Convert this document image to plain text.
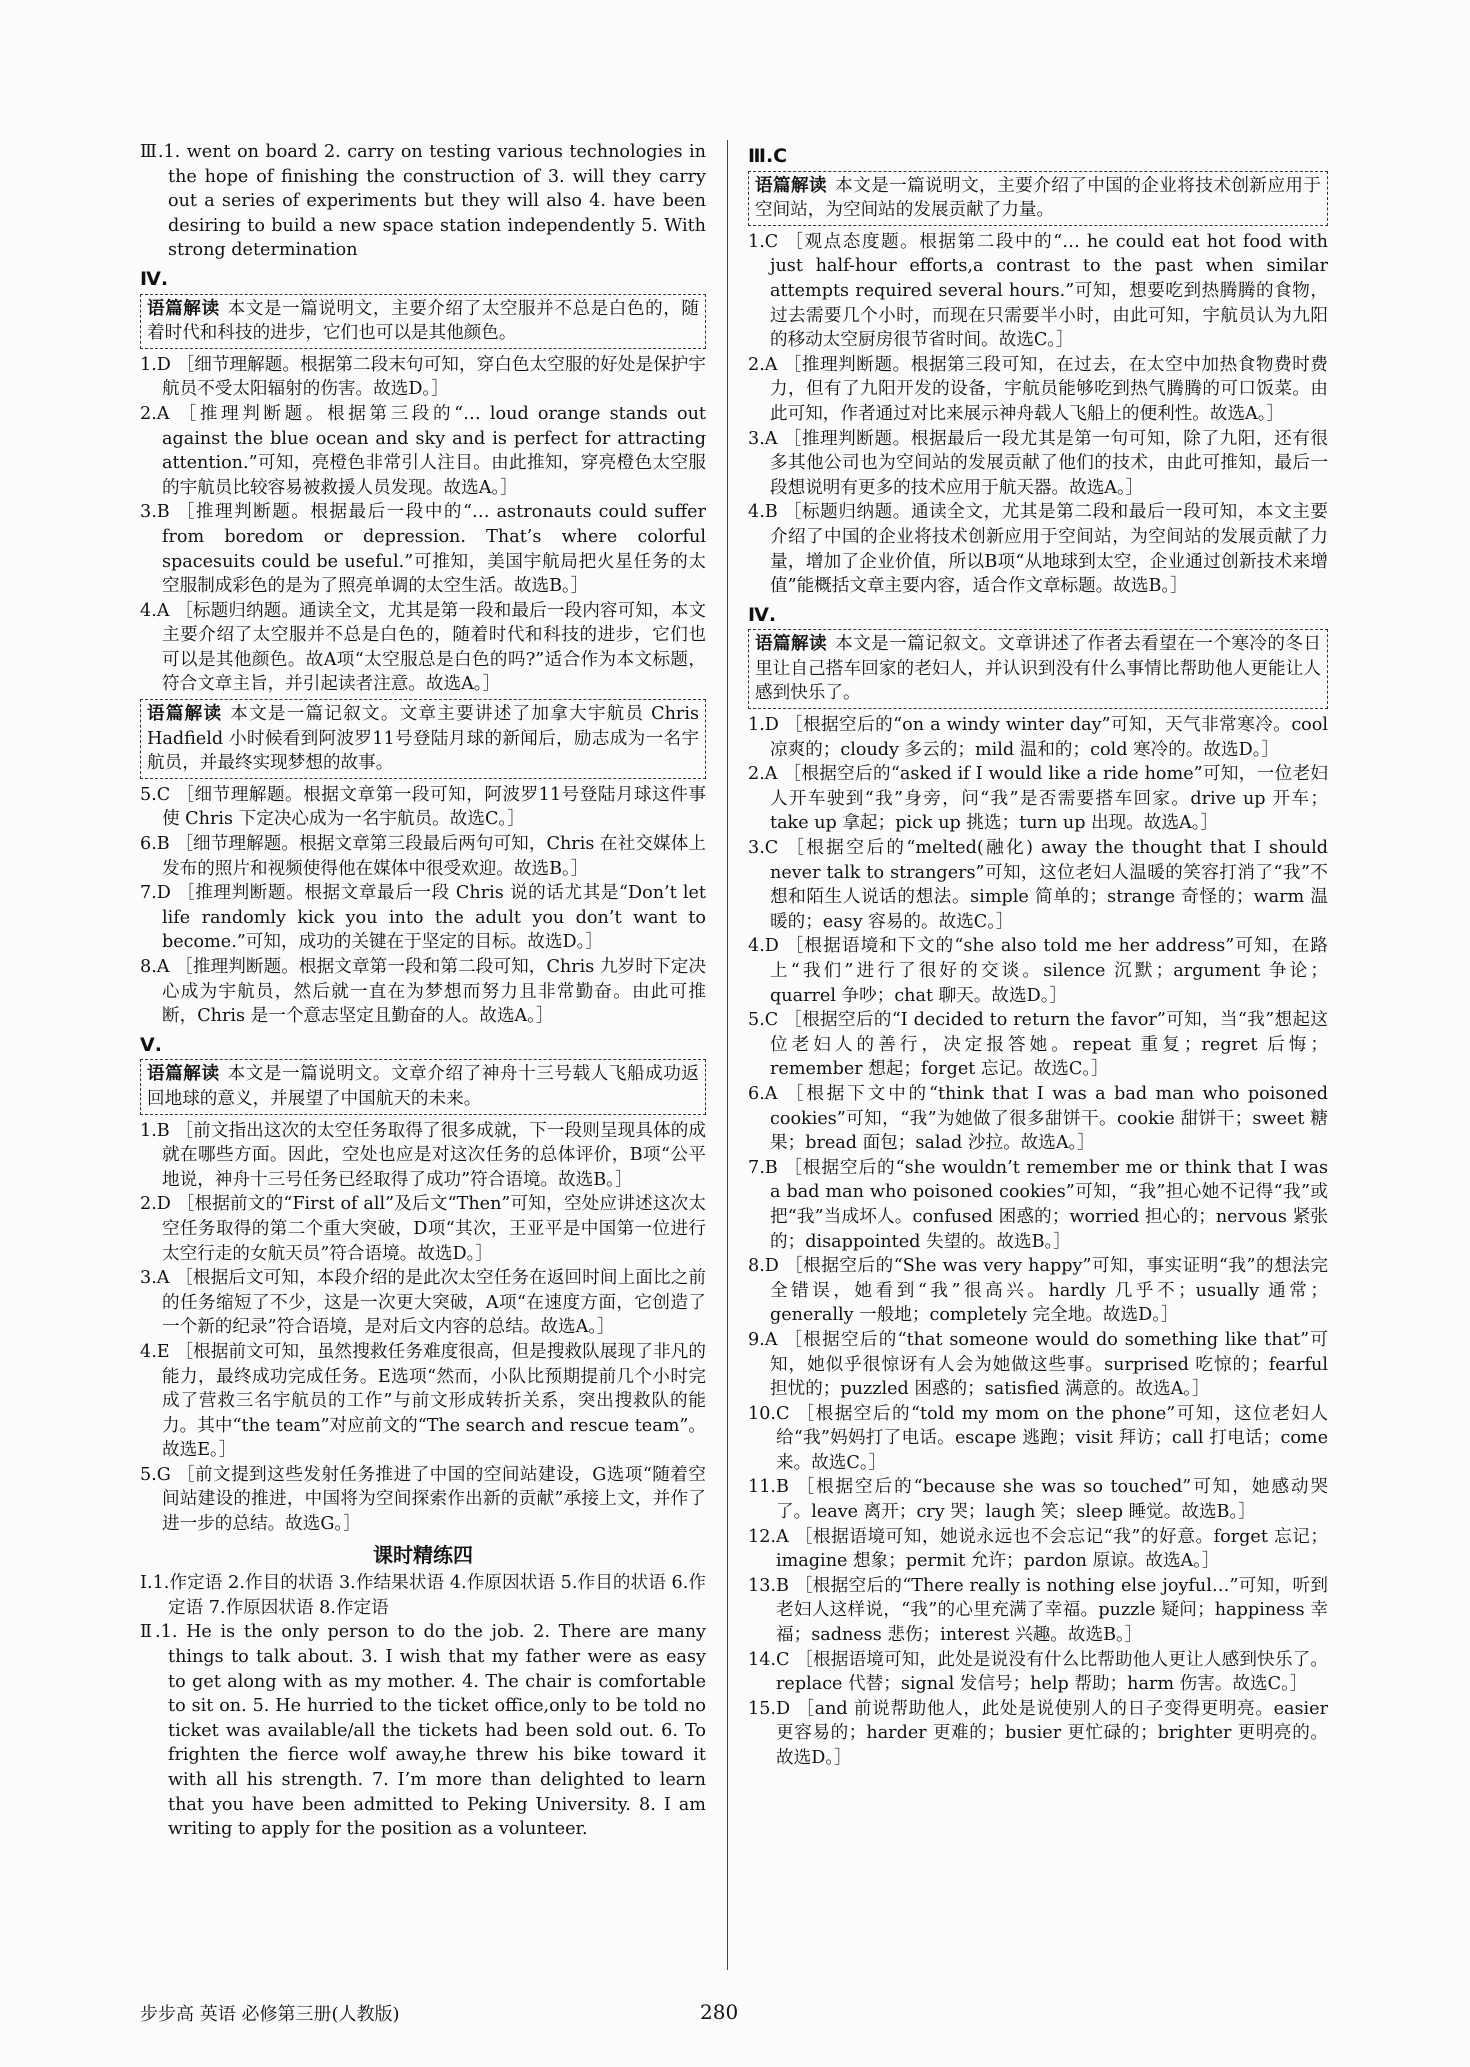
Ⅲ.1. went on board 2. carry on testing various technologies in the hope of finishing the construction of 3. will they carry out a series of experiments but they will also 4. have been desiring to build a new space station independently 5. With strong determination
Ⅳ.
语篇解读 本文是一篇说明文，主要介绍了太空服并不总是白色的，随着时代和科技的进步，它们也可以是其他颜色。
1.D ［细节理解题。根据第二段末句可知，穿白色太空服的好处是保护宇航员不受太阳辐射的伤害。故选D。］
2.A ［推理判断题。根据第三段的“… loud orange stands out against the blue ocean and sky and is perfect for attracting attention.”可知，亮橙色非常引人注目。由此推知，穿亮橙色太空服的宇航员比较容易被救援人员发现。故选A。］
3.B ［推理判断题。根据最后一段中的“… astronauts could suffer from boredom or depression. That’s where colorful spacesuits could be useful.”可推知，美国宇航局把火星任务的太空服制成彩色的是为了照亮单调的太空生活。故选B。］
4.A ［标题归纳题。通读全文，尤其是第一段和最后一段内容可知，本文主要介绍了太空服并不总是白色的，随着时代和科技的进步，它们也可以是其他颜色。故A项“太空服总是白色的吗?”适合作为本文标题，符合文章主旨，并引起读者注意。故选A。］
语篇解读 本文是一篇记叙文。文章主要讲述了加拿大宇航员 Chris Hadfield 小时候看到阿波罗11号登陆月球的新闻后，励志成为一名宇航员，并最终实现梦想的故事。
5.C ［细节理解题。根据文章第一段可知，阿波罗11号登陆月球这件事使 Chris 下定决心成为一名宇航员。故选C。］
6.B ［细节理解题。根据文章第三段最后两句可知，Chris 在社交媒体上发布的照片和视频使得他在媒体中很受欢迎。故选B。］
7.D ［推理判断题。根据文章最后一段 Chris 说的话尤其是“Don’t let life randomly kick you into the adult you don’t want to become.”可知，成功的关键在于坚定的目标。故选D。］
8.A ［推理判断题。根据文章第一段和第二段可知，Chris 九岁时下定决心成为宇航员，然后就一直在为梦想而努力且非常勤奋。由此可推断，Chris 是一个意志坚定且勤奋的人。故选A。］
Ⅴ.
语篇解读 本文是一篇说明文。文章介绍了神舟十三号载人飞船成功返回地球的意义，并展望了中国航天的未来。
1.B ［前文指出这次的太空任务取得了很多成就，下一段则呈现具体的成就在哪些方面。因此，空处也应是对这次任务的总体评价，B项“公平地说，神舟十三号任务已经取得了成功”符合语境。故选B。］
2.D ［根据前文的“First of all”及后文“Then”可知，空处应讲述这次太空任务取得的第二个重大突破，D项“其次，王亚平是中国第一位进行太空行走的女航天员”符合语境。故选D。］
3.A ［根据后文可知，本段介绍的是此次太空任务在返回时间上面比之前的任务缩短了不少，这是一次更大突破，A项“在速度方面，它创造了一个新的纪录”符合语境，是对后文内容的总结。故选A。］
4.E ［根据前文可知，虽然搜救任务难度很高，但是搜救队展现了非凡的能力，最终成功完成任务。E选项“然而，小队比预期提前几个小时完成了营救三名宇航员的工作”与前文形成转折关系，突出搜救队的能力。其中“the team”对应前文的“The search and rescue team”。故选E。］
5.G ［前文提到这些发射任务推进了中国的空间站建设，G选项“随着空间站建设的推进，中国将为空间探索作出新的贡献”承接上文，并作了进一步的总结。故选G。］
课时精练四
Ⅰ.1.作定语 2.作目的状语 3.作结果状语 4.作原因状语 5.作目的状语 6.作定语 7.作原因状语 8.作定语
Ⅱ.1. He is the only person to do the job. 2. There are many things to talk about. 3. I wish that my father were as easy to get along with as my mother. 4. The chair is comfortable to sit on. 5. He hurried to the ticket office,only to be told no ticket was available/all the tickets had been sold out. 6. To frighten the fierce wolf away,he threw his bike toward it with all his strength. 7. I’m more than delighted to learn that you have been admitted to Peking University. 8. I am writing to apply for the position as a volunteer.
Ⅲ.C
语篇解读 本文是一篇说明文，主要介绍了中国的企业将技术创新应用于空间站，为空间站的发展贡献了力量。
1.C ［观点态度题。根据第二段中的“… he could eat hot food with just half-hour efforts,a contrast to the past when similar attempts required several hours.”可知，想要吃到热腾腾的食物，过去需要几个小时，而现在只需要半小时，由此可知，宇航员认为九阳的移动太空厨房很节省时间。故选C。］
2.A ［推理判断题。根据第三段可知，在过去，在太空中加热食物费时费力，但有了九阳开发的设备，宇航员能够吃到热气腾腾的可口饭菜。由此可知，作者通过对比来展示神舟载人飞船上的便利性。故选A。］
3.A ［推理判断题。根据最后一段尤其是第一句可知，除了九阳，还有很多其他公司也为空间站的发展贡献了他们的技术，由此可推知，最后一段想说明有更多的技术应用于航天器。故选A。］
4.B ［标题归纳题。通读全文，尤其是第二段和最后一段可知，本文主要介绍了中国的企业将技术创新应用于空间站，为空间站的发展贡献了力量，增加了企业价值，所以B项“从地球到太空，企业通过创新技术来增值”能概括文章主要内容，适合作文章标题。故选B。］
Ⅳ.
语篇解读 本文是一篇记叙文。文章讲述了作者去看望在一个寒冷的冬日里让自己搭车回家的老妇人，并认识到没有什么事情比帮助他人更能让人感到快乐了。
1.D ［根据空后的“on a windy winter day”可知，天气非常寒冷。cool 凉爽的；cloudy 多云的；mild 温和的；cold 寒冷的。故选D。］
2.A ［根据空后的“asked if I would like a ride home”可知，一位老妇人开车驶到“我”身旁，问“我”是否需要搭车回家。drive up 开车；take up 拿起；pick up 挑选；turn up 出现。故选A。］
3.C ［根据空后的“melted(融化) away the thought that I should never talk to strangers”可知，这位老妇人温暖的笑容打消了“我”不想和陌生人说话的想法。simple 简单的；strange 奇怪的；warm 温暖的；easy 容易的。故选C。］
4.D ［根据语境和下文的“she also told me her address”可知，在路上“我们”进行了很好的交谈。silence 沉默；argument 争论；quarrel 争吵；chat 聊天。故选D。］
5.C ［根据空后的“I decided to return the favor”可知，当“我”想起这位老妇人的善行，决定报答她。repeat 重复；regret 后悔；remember 想起；forget 忘记。故选C。］
6.A ［根据下文中的“think that I was a bad man who poisoned cookies”可知，“我”为她做了很多甜饼干。cookie 甜饼干；sweet 糖果；bread 面包；salad 沙拉。故选A。］
7.B ［根据空后的“she wouldn’t remember me or think that I was a bad man who poisoned cookies”可知，“我”担心她不记得“我”或把“我”当成坏人。confused 困惑的；worried 担心的；nervous 紧张的；disappointed 失望的。故选B。］
8.D ［根据空后的“She was very happy”可知，事实证明“我”的想法完全错误，她看到“我”很高兴。hardly 几乎不；usually 通常；generally 一般地；completely 完全地。故选D。］
9.A ［根据空后的“that someone would do something like that”可知，她似乎很惊讶有人会为她做这些事。surprised 吃惊的；fearful 担忧的；puzzled 困惑的；satisfied 满意的。故选A。］
10.C ［根据空后的“told my mom on the phone”可知，这位老妇人给“我”妈妈打了电话。escape 逃跑；visit 拜访；call 打电话；come 来。故选C。］
11.B ［根据空后的“because she was so touched”可知，她感动哭了。leave 离开；cry 哭；laugh 笑；sleep 睡觉。故选B。］
12.A ［根据语境可知，她说永远也不会忘记“我”的好意。forget 忘记；imagine 想象；permit 允许；pardon 原谅。故选A。］
13.B ［根据空后的“There really is nothing else joyful…”可知，听到老妇人这样说，“我”的心里充满了幸福。puzzle 疑问；happiness 幸福；sadness 悲伤；interest 兴趣。故选B。］
14.C ［根据语境可知，此处是说没有什么比帮助他人更让人感到快乐了。replace 代替；signal 发信号；help 帮助；harm 伤害。故选C。］
15.D ［and 前说帮助他人，此处是说使别人的日子变得更明亮。easier 更容易的；harder 更难的；busier 更忙碌的；brighter 更明亮的。故选D。］
步步高 英语 必修第三册(人教版)	280
